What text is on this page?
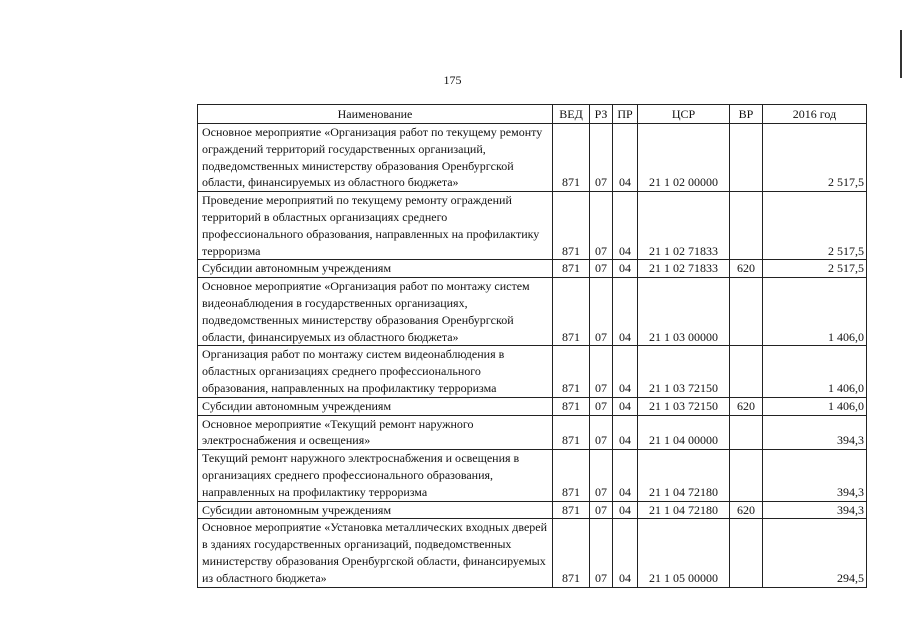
175
Наименование	ВЕД	РЗ	ПР	ЦСР	ВР	2016 год
Основное мероприятие «Организация работ по текущему ремонту ограждений территорий государственных организаций, подведомственных министерству образования Оренбургской области, финансируемых из областного бюджета»	871	07	04	21 1 02 00000		2 517,5
Проведение мероприятий по текущему ремонту ограждений территорий в областных организациях среднего профессионального образования, направленных на профилактику терроризма	871	07	04	21 1 02 71833		2 517,5
Субсидии автономным учреждениям	871	07	04	21 1 02 71833	620	2 517,5
Основное мероприятие «Организация работ по монтажу систем видеонаблюдения в государственных организациях, подведомственных министерству образования Оренбургской области, финансируемых из областного бюджета»	871	07	04	21 1 03 00000		1 406,0
Организация работ по монтажу систем видеонаблюдения в областных организациях среднего профессионального образования, направленных на профилактику терроризма	871	07	04	21 1 03 72150		1 406,0
Субсидии автономным учреждениям	871	07	04	21 1 03 72150	620	1 406,0
Основное мероприятие «Текущий ремонт наружного электроснабжения и освещения»	871	07	04	21 1 04 00000		394,3
Текущий ремонт наружного электроснабжения и освещения в организациях среднего профессионального образования, направленных на профилактику терроризма	871	07	04	21 1 04 72180		394,3
Субсидии автономным учреждениям	871	07	04	21 1 04 72180	620	394,3
Основное мероприятие «Установка металлических входных дверей в зданиях государственных организаций, подведомственных министерству образования Оренбургской области, финансируемых из областного бюджета»	871	07	04	21 1 05 00000		294,5
